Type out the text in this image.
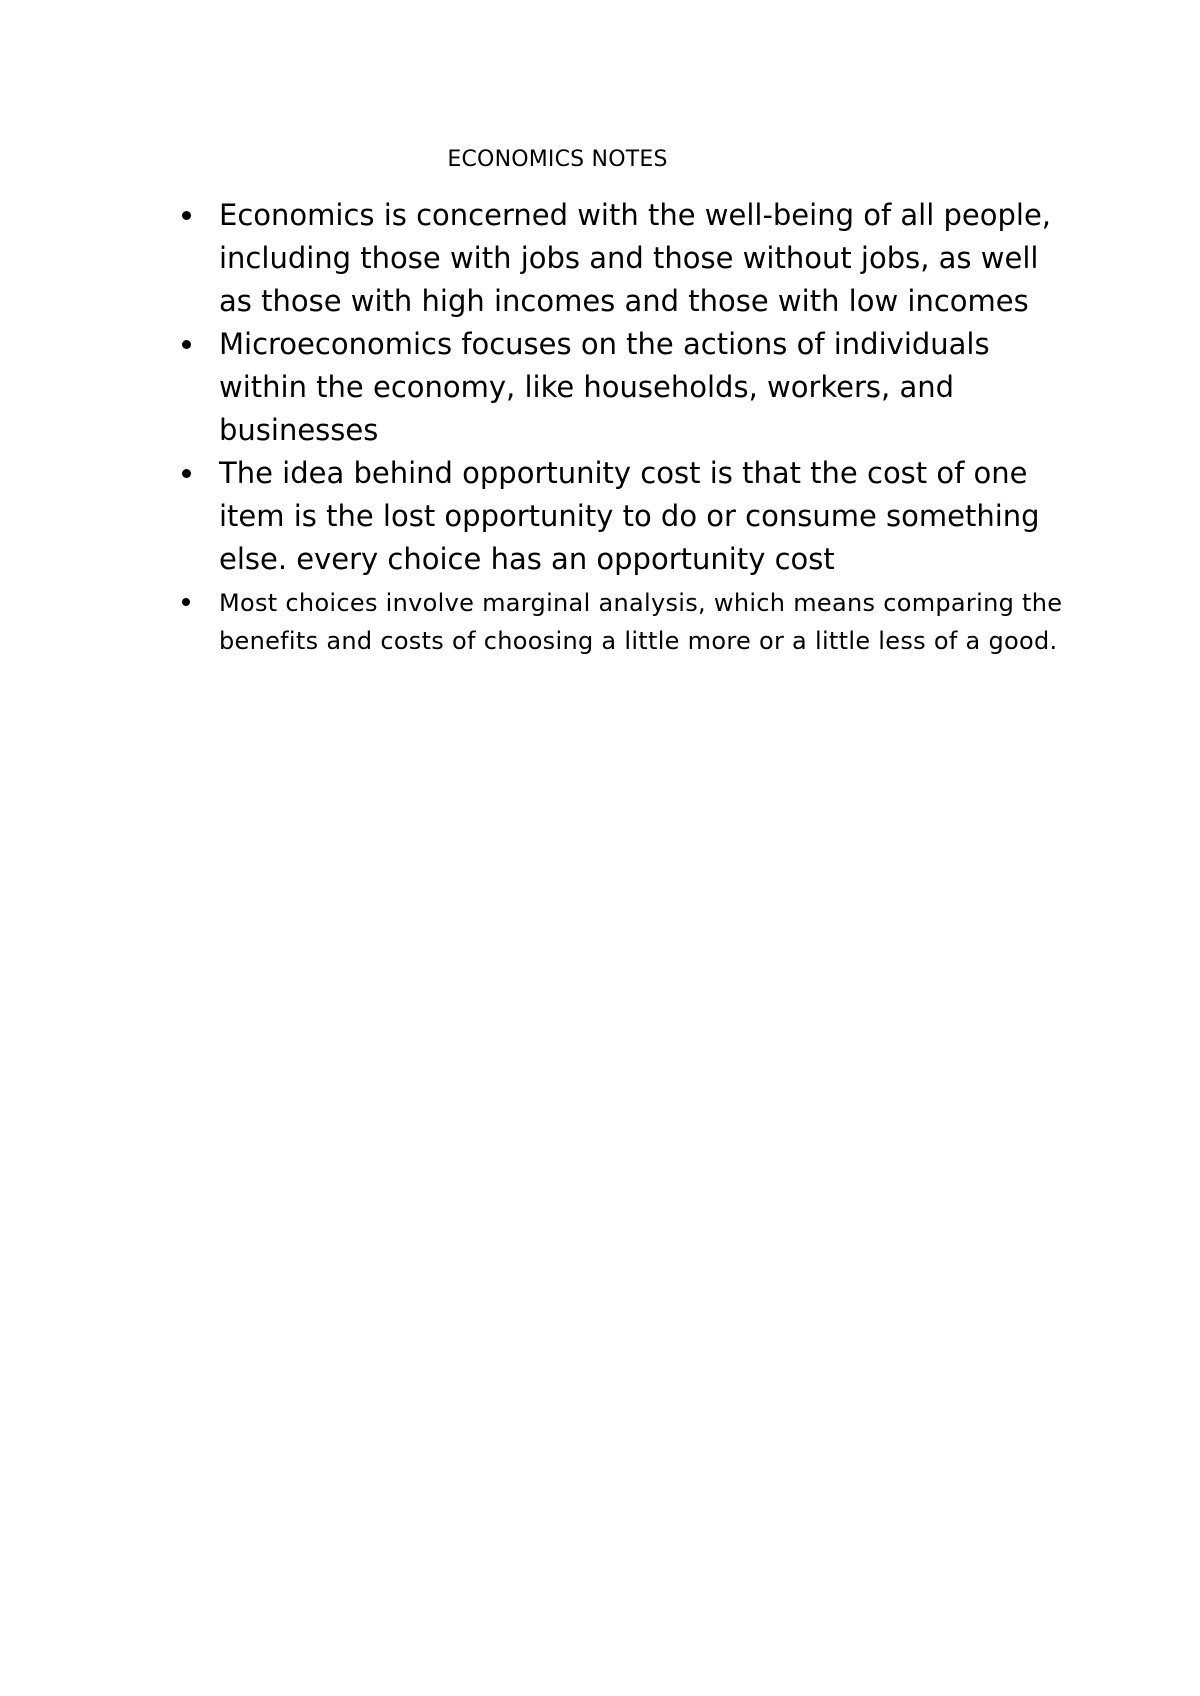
ECONOMICS NOTES
Economics is concerned with the well-being of all people, including those with jobs and those without jobs, as well as those with high incomes and those with low incomes
Microeconomics focuses on the actions of individuals within the economy, like households, workers, and businesses
The idea behind opportunity cost is that the cost of one item is the lost opportunity to do or consume something else. every choice has an opportunity cost
Most choices involve marginal analysis, which means comparing the benefits and costs of choosing a little more or a little less of a good.
